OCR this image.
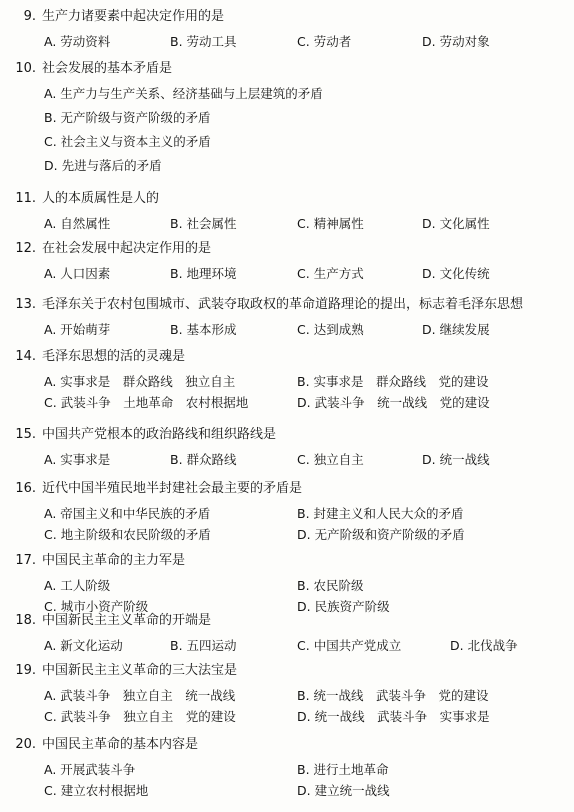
9. 生产力诸要素中起决定作用的是
A. 劳动资料	B. 劳动工具	C. 劳动者	D. 劳动对象
10. 社会发展的基本矛盾是
A. 生产力与生产关系、经济基础与上层建筑的矛盾
B. 无产阶级与资产阶级的矛盾
C. 社会主义与资本主义的矛盾
D. 先进与落后的矛盾
11. 人的本质属性是人的
A. 自然属性	B. 社会属性	C. 精神属性	D. 文化属性
12. 在社会发展中起决定作用的是
A. 人口因素	B. 地理环境	C. 生产方式	D. 文化传统
13. 毛泽东关于农村包围城市、武装夺取政权的革命道路理论的提出，标志着毛泽东思想
A. 开始萌芽	B. 基本形成	C. 达到成熟	D. 继续发展
14. 毛泽东思想的活的灵魂是
A. 实事求是　群众路线　独立自主	B. 实事求是　群众路线　党的建设
C. 武装斗争　土地革命　农村根据地	D. 武装斗争　统一战线　党的建设
15. 中国共产党根本的政治路线和组织路线是
A. 实事求是	B. 群众路线	C. 独立自主	D. 统一战线
16. 近代中国半殖民地半封建社会最主要的矛盾是
A. 帝国主义和中华民族的矛盾	B. 封建主义和人民大众的矛盾
C. 地主阶级和农民阶级的矛盾	D. 无产阶级和资产阶级的矛盾
17. 中国民主革命的主力军是
A. 工人阶级	B. 农民阶级
C. 城市小资产阶级	D. 民族资产阶级
18. 中国新民主主义革命的开端是
A. 新文化运动	B. 五四运动	C. 中国共产党成立	D. 北伐战争
19. 中国新民主主义革命的三大法宝是
A. 武装斗争　独立自主　统一战线	B. 统一战线　武装斗争　党的建设
C. 武装斗争　独立自主　党的建设	D. 统一战线　武装斗争　实事求是
20. 中国民主革命的基本内容是
A. 开展武装斗争	B. 进行土地革命
C. 建立农村根据地	D. 建立统一战线
